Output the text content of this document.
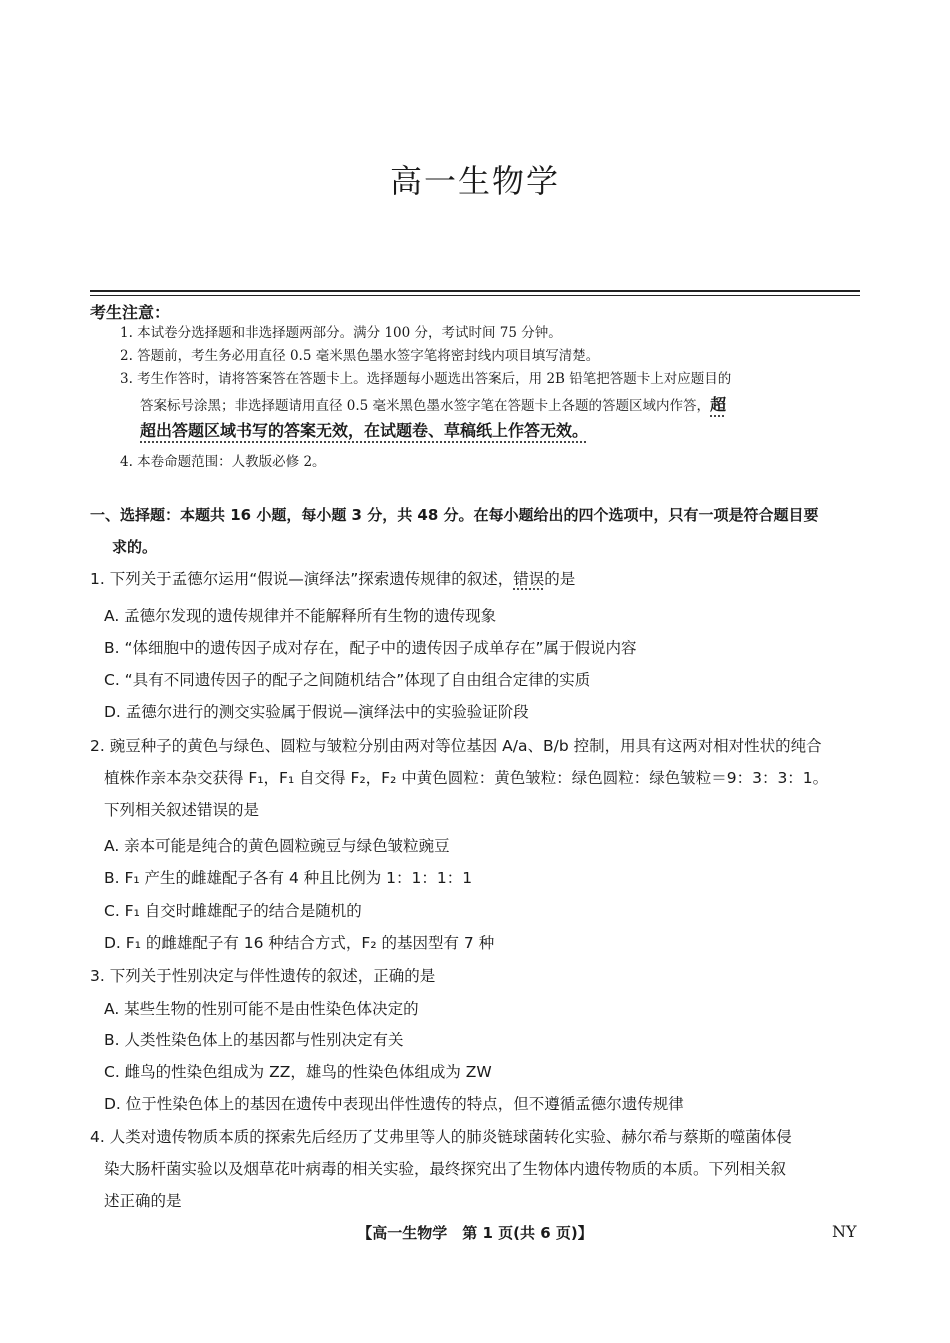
高一生物学
考生注意：
1. 本试卷分选择题和非选择题两部分。满分 100 分，考试时间 75 分钟。
2. 答题前，考生务必用直径 0.5 毫米黑色墨水签字笔将密封线内项目填写清楚。
3. 考生作答时，请将答案答在答题卡上。选择题每小题选出答案后，用 2B 铅笔把答题卡上对应题目的
答案标号涂黑；非选择题请用直径 0.5 毫米黑色墨水签字笔在答题卡上各题的答题区域内作答，超
超出答题区域书写的答案无效，在试题卷、草稿纸上作答无效。
4. 本卷命题范围：人教版必修 2。
一、选择题：本题共 16 小题，每小题 3 分，共 48 分。在每小题给出的四个选项中，只有一项是符合题目要
求的。
1. 下列关于孟德尔运用“假说—演绎法”探索遗传规律的叙述，错误的是
A. 孟德尔发现的遗传规律并不能解释所有生物的遗传现象
B. “体细胞中的遗传因子成对存在，配子中的遗传因子成单存在”属于假说内容
C. “具有不同遗传因子的配子之间随机结合”体现了自由组合定律的实质
D. 孟德尔进行的测交实验属于假说—演绎法中的实验验证阶段
2. 豌豆种子的黄色与绿色、圆粒与皱粒分别由两对等位基因 A/a、B/b 控制，用具有这两对相对性状的纯合
植株作亲本杂交获得 F₁，F₁ 自交得 F₂，F₂ 中黄色圆粒：黄色皱粒：绿色圆粒：绿色皱粒＝9：3：3：1。
下列相关叙述错误的是
A. 亲本可能是纯合的黄色圆粒豌豆与绿色皱粒豌豆
B. F₁ 产生的雌雄配子各有 4 种且比例为 1：1：1：1
C. F₁ 自交时雌雄配子的结合是随机的
D. F₁ 的雌雄配子有 16 种结合方式，F₂ 的基因型有 7 种
3. 下列关于性别决定与伴性遗传的叙述，正确的是
A. 某些生物的性别可能不是由性染色体决定的
B. 人类性染色体上的基因都与性别决定有关
C. 雌鸟的性染色组成为 ZZ，雄鸟的性染色体组成为 ZW
D. 位于性染色体上的基因在遗传中表现出伴性遗传的特点，但不遵循孟德尔遗传规律
4. 人类对遗传物质本质的探索先后经历了艾弗里等人的肺炎链球菌转化实验、赫尔希与蔡斯的噬菌体侵
染大肠杆菌实验以及烟草花叶病毒的相关实验，最终探究出了生物体内遗传物质的本质。下列相关叙
述正确的是
【高一生物学　第 1 页(共 6 页)】	NY
